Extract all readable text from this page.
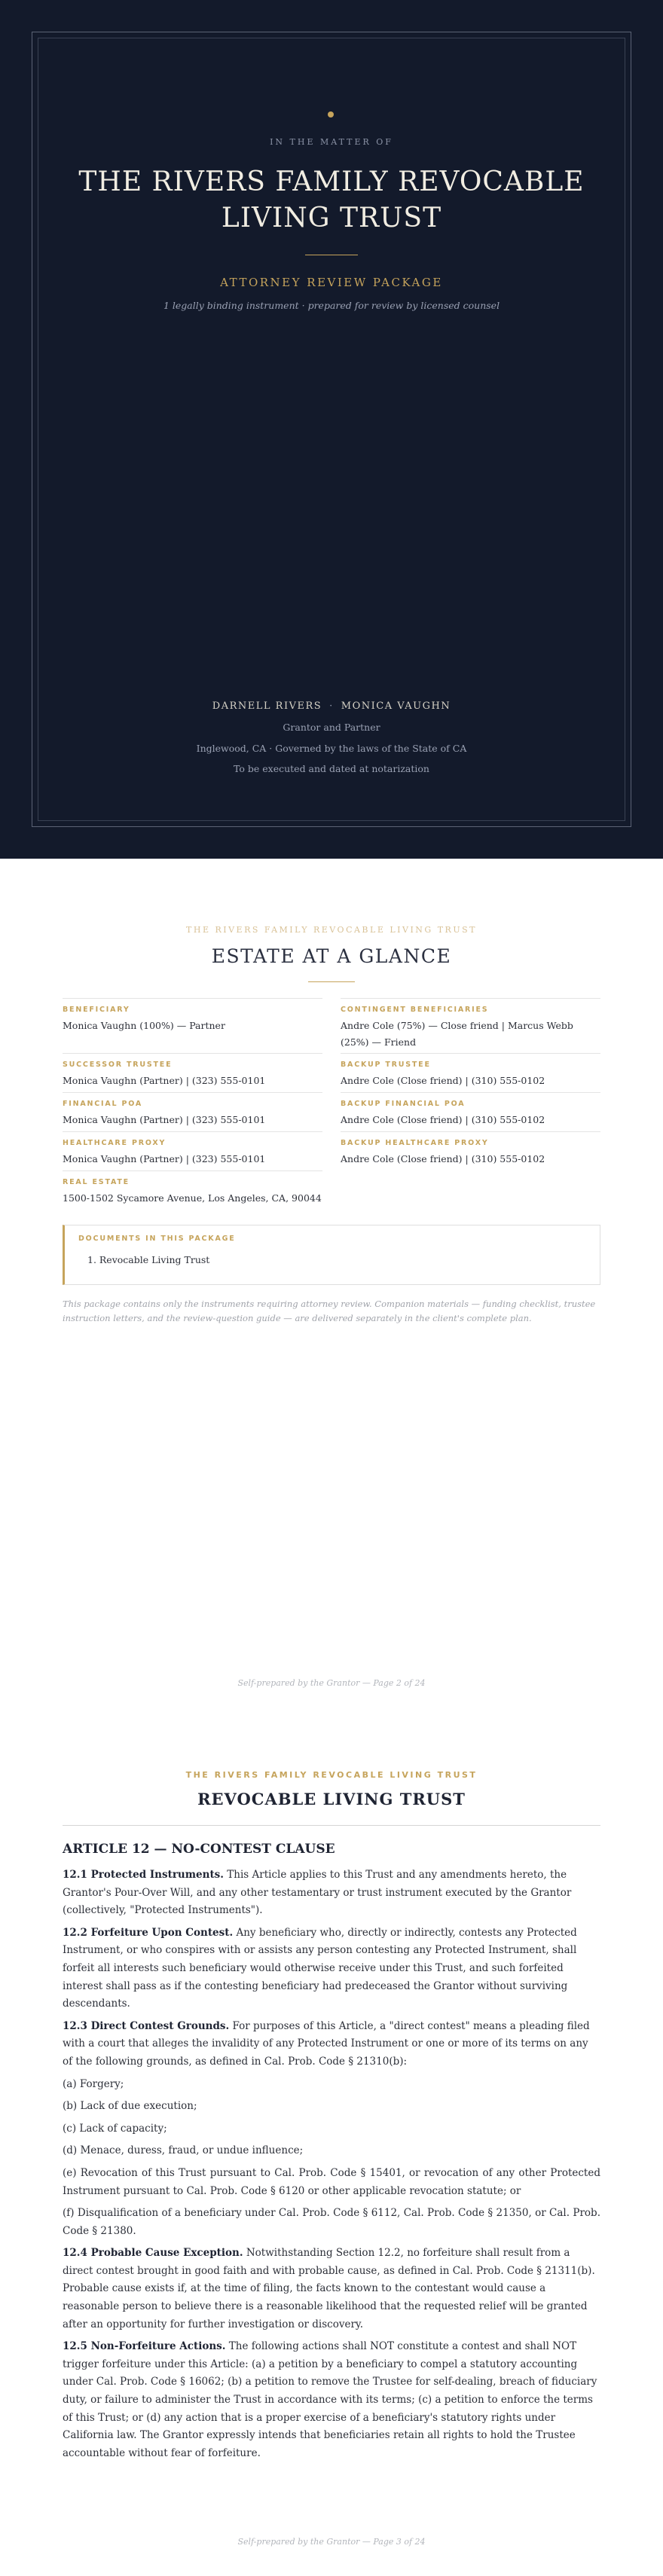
IN THE MATTER OF
THE RIVERS FAMILY REVOCABLE LIVING TRUST
ATTORNEY REVIEW PACKAGE
1 legally binding instrument · prepared for review by licensed counsel
DARNELL RIVERS · MONICA VAUGHN
Grantor and Partner
Inglewood, CA · Governed by the laws of the State of CA
To be executed and dated at notarization
THE RIVERS FAMILY REVOCABLE LIVING TRUST
ESTATE AT A GLANCE
BENEFICIARY
Monica Vaughn (100%) — Partner
CONTINGENT BENEFICIARIES
Andre Cole (75%) — Close friend | Marcus Webb (25%) — Friend
SUCCESSOR TRUSTEE
Monica Vaughn (Partner) | (323) 555-0101
BACKUP TRUSTEE
Andre Cole (Close friend) | (310) 555-0102
FINANCIAL POA
Monica Vaughn (Partner) | (323) 555-0101
BACKUP FINANCIAL POA
Andre Cole (Close friend) | (310) 555-0102
HEALTHCARE PROXY
Monica Vaughn (Partner) | (323) 555-0101
BACKUP HEALTHCARE PROXY
Andre Cole (Close friend) | (310) 555-0102
REAL ESTATE
1500-1502 Sycamore Avenue, Los Angeles, CA, 90044
DOCUMENTS IN THIS PACKAGE
1. Revocable Living Trust
This package contains only the instruments requiring attorney review. Companion materials — funding checklist, trustee instruction letters, and the review-question guide — are delivered separately in the client's complete plan.
Self-prepared by the Grantor — Page 2 of 24
THE RIVERS FAMILY REVOCABLE LIVING TRUST
REVOCABLE LIVING TRUST
ARTICLE 12 — NO-CONTEST CLAUSE

12.1 Protected Instruments. This Article applies to this Trust and any amendments hereto, the Grantor's Pour-Over Will, and any other testamentary or trust instrument executed by the Grantor (collectively, "Protected Instruments").

12.2 Forfeiture Upon Contest. Any beneficiary who, directly or indirectly, contests any Protected Instrument, or who conspires with or assists any person contesting any Protected Instrument, shall forfeit all interests such beneficiary would otherwise receive under this Trust, and such forfeited interest shall pass as if the contesting beneficiary had predeceased the Grantor without surviving descendants.

12.3 Direct Contest Grounds. For purposes of this Article, a "direct contest" means a pleading filed with a court that alleges the invalidity of any Protected Instrument or one or more of its terms on any of the following grounds, as defined in Cal. Prob. Code § 21310(b):

(a) Forgery;

(b) Lack of due execution;

(c) Lack of capacity;

(d) Menace, duress, fraud, or undue influence;

(e) Revocation of this Trust pursuant to Cal. Prob. Code § 15401, or revocation of any other Protected Instrument pursuant to Cal. Prob. Code § 6120 or other applicable revocation statute; or

(f) Disqualification of a beneficiary under Cal. Prob. Code § 6112, Cal. Prob. Code § 21350, or Cal. Prob. Code § 21380.

12.4 Probable Cause Exception. Notwithstanding Section 12.2, no forfeiture shall result from a direct contest brought in good faith and with probable cause, as defined in Cal. Prob. Code § 21311(b). Probable cause exists if, at the time of filing, the facts known to the contestant would cause a reasonable person to believe there is a reasonable likelihood that the requested relief will be granted after an opportunity for further investigation or discovery.

12.5 Non-Forfeiture Actions. The following actions shall NOT constitute a contest and shall NOT trigger forfeiture under this Article: (a) a petition by a beneficiary to compel a statutory accounting under Cal. Prob. Code § 16062; (b) a petition to remove the Trustee for self-dealing, breach of fiduciary duty, or failure to administer the Trust in accordance with its terms; (c) a petition to enforce the terms of this Trust; or (d) any action that is a proper exercise of a beneficiary's statutory rights under California law. The Grantor expressly intends that beneficiaries retain all rights to hold the Trustee accountable without fear of forfeiture.

Self-prepared by the Grantor — Page 3 of 24
